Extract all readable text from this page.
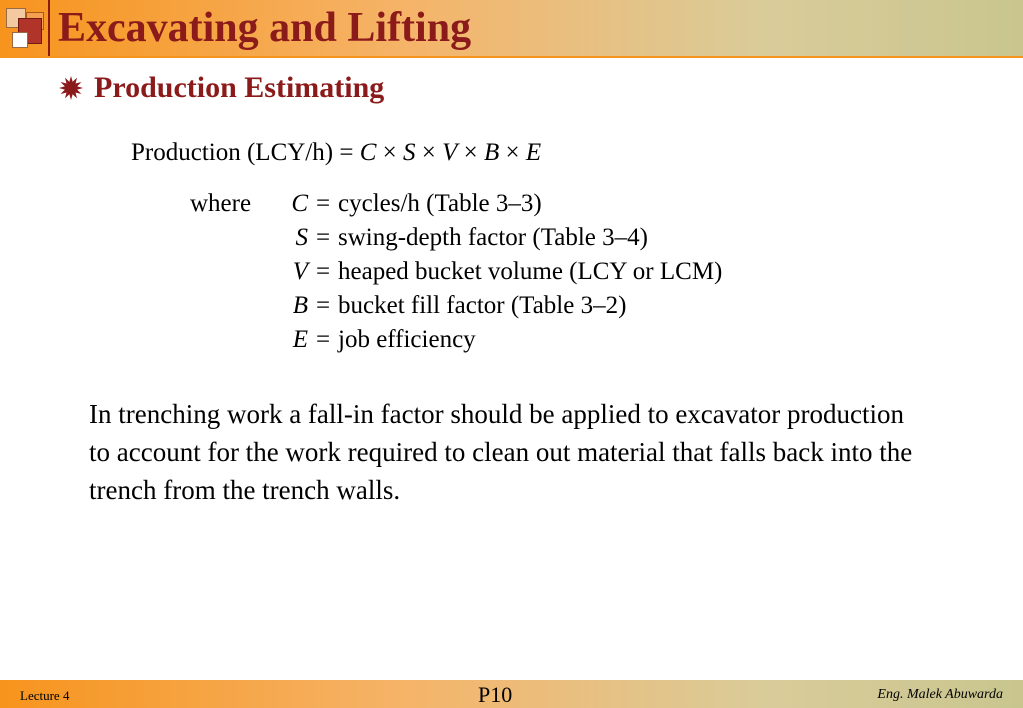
Excavating and Lifting
Production Estimating
Production (LCY/h) = C × S × V × B × E
where	C = cycles/h (Table 3–3)
S = swing-depth factor (Table 3–4)
V = heaped bucket volume (LCY or LCM)
B = bucket fill factor (Table 3–2)
E = job efficiency

In trenching work a fall-in factor should be applied to excavator production to account for the work required to clean out material that falls back into the trench from the trench walls.

Lecture 4	P10	Eng. Malek Abuwarda
